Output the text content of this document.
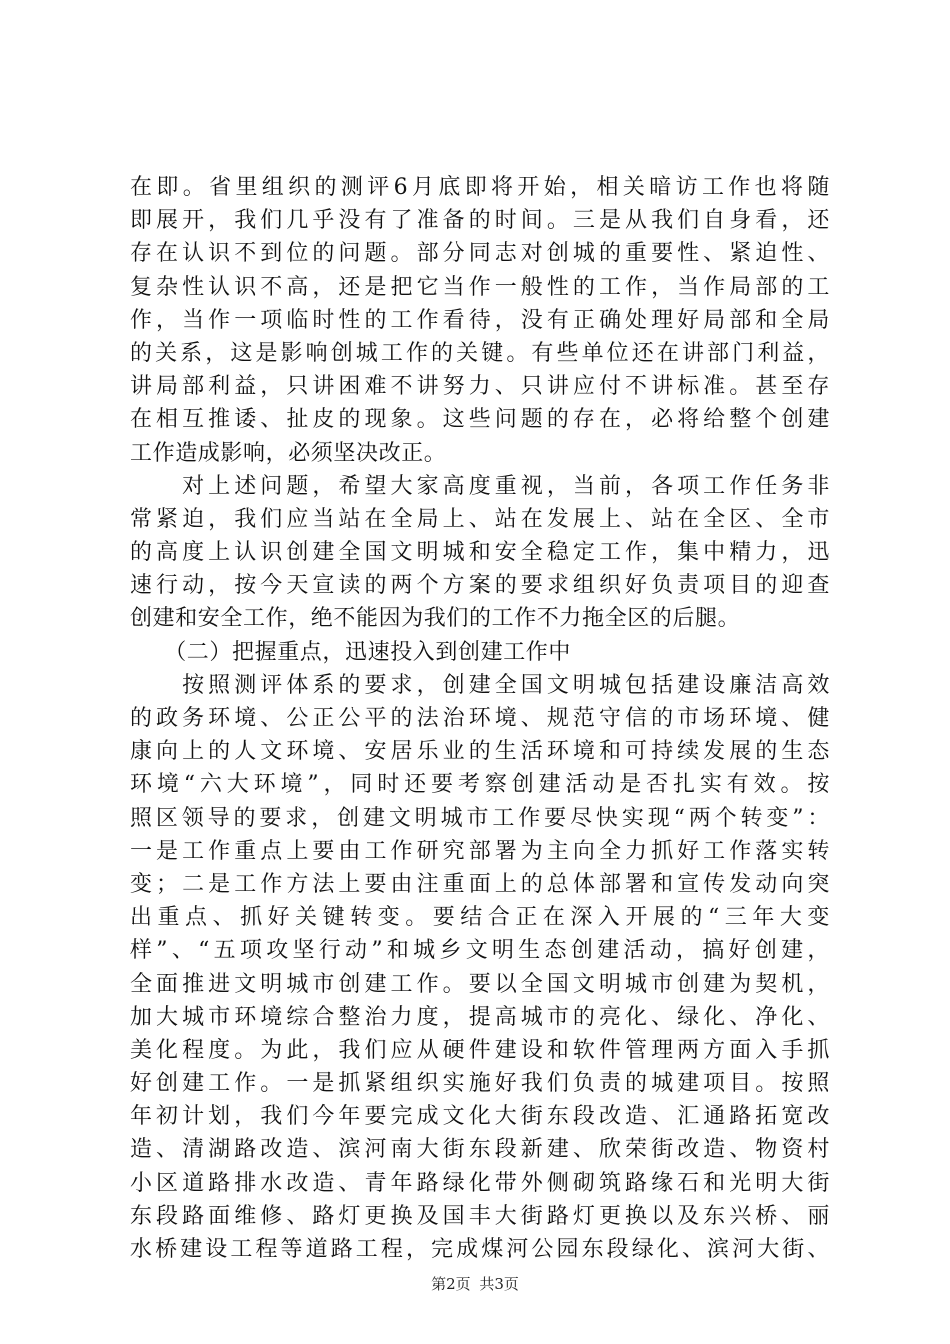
在即。省里组织的测评6月底即将开始，相关暗访工作也将随
即展开，我们几乎没有了准备的时间。三是从我们自身看，还
存在认识不到位的问题。部分同志对创城的重要性、紧迫性、
复杂性认识不高，还是把它当作一般性的工作，当作局部的工
作，当作一项临时性的工作看待，没有正确处理好局部和全局
的关系，这是影响创城工作的关键。有些单位还在讲部门利益，
讲局部利益，只讲困难不讲努力、只讲应付不讲标准。甚至存
在相互推诿、扯皮的现象。这些问题的存在，必将给整个创建
工作造成影响，必须坚决改正。
　　对上述问题，希望大家高度重视，当前，各项工作任务非
常紧迫，我们应当站在全局上、站在发展上、站在全区、全市
的高度上认识创建全国文明城和安全稳定工作，集中精力，迅
速行动，按今天宣读的两个方案的要求组织好负责项目的迎查
创建和安全工作，绝不能因为我们的工作不力拖全区的后腿。
　　（二）把握重点，迅速投入到创建工作中
　　按照测评体系的要求，创建全国文明城包括建设廉洁高效
的政务环境、公正公平的法治环境、规范守信的市场环境、健
康向上的人文环境、安居乐业的生活环境和可持续发展的生态
环境“六大环境”，同时还要考察创建活动是否扎实有效。按
照区领导的要求，创建文明城市工作要尽快实现“两个转变”：
一是工作重点上要由工作研究部署为主向全力抓好工作落实转
变；二是工作方法上要由注重面上的总体部署和宣传发动向突
出重点、抓好关键转变。要结合正在深入开展的“三年大变
样”、“五项攻坚行动”和城乡文明生态创建活动，搞好创建，
全面推进文明城市创建工作。要以全国文明城市创建为契机，
加大城市环境综合整治力度，提高城市的亮化、绿化、净化、
美化程度。为此，我们应从硬件建设和软件管理两方面入手抓
好创建工作。一是抓紧组织实施好我们负责的城建项目。按照
年初计划，我们今年要完成文化大街东段改造、汇通路拓宽改
造、清湖路改造、滨河南大街东段新建、欣荣街改造、物资村
小区道路排水改造、青年路绿化带外侧砌筑路缘石和光明大街
东段路面维修、路灯更换及国丰大街路灯更换以及东兴桥、丽
水桥建设工程等道路工程，完成煤河公园东段绿化、滨河大街、
第2页 共3页
